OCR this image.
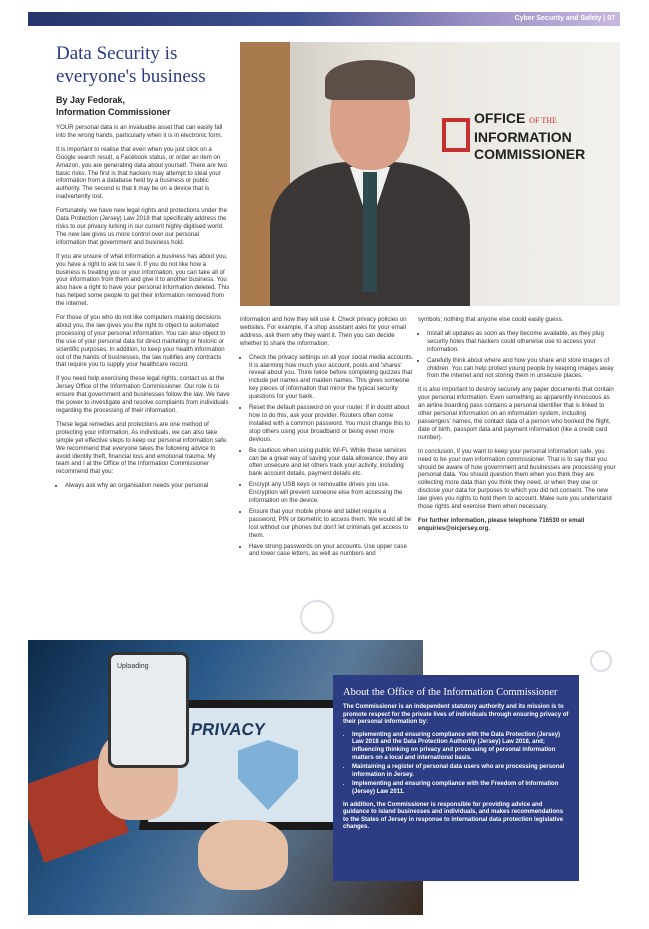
Cyber Security and Safety | 07
Data Security is everyone's business
By Jay Fedorak,
Information Commissioner

YOUR personal data is an invaluable asset that can easily fall into the wrong hands, particularly when it is in electronic form.

It is important to realise that even when you just click on a Google search result, a Facebook status, or order an item on Amazon, you are generating data about yourself. There are two basic risks. The first is that hackers may attempt to steal your information from a database held by a business or public authority. The second is that it may be on a device that is inadvertently lost.

Fortunately, we have new legal rights and protections under the Data Protection (Jersey) Law 2018 that specifically address the risks to our privacy lurking in our current highly digitised world. The new law gives us more control over our personal information that government and business hold.

If you are unsure of what information a business has about you, you have a right to ask to see it. If you do not like how a business is treating you or your information, you can take all of your information from them and give it to another business. You also have a right to have your personal information deleted. This has helped some people to get their information removed from the internet.

For those of you who do not like computers making decisions about you, the law gives you the right to object to automated processing of your personal information. You can also object to the use of your personal data for direct marketing or historic or scientific purposes. In addition, to keep your health information out of the hands of businesses, the law nullifies any contracts that require you to supply your healthcare record.

If you need help exercising these legal rights, contact us at the Jersey Office of the Information Commissioner. Our role is to ensure that government and businesses follow the law. We have the power to investigate and resolve complaints from individuals regarding the processing of their information.

These legal remedies and protections are one method of protecting your information. As individuals, we can also take simple yet effective steps to keep our personal information safe. We recommend that everyone takes the following advice to avoid identity theft, financial loss and emotional trauma. My team and I at the Office of the Information Commissioner recommend that you:

• Always ask why an organisation needs your personal
OFFICE OF THE
INFORMATION
COMMISSIONER

information and how they will use it. Check privacy policies on websites. For example, if a shop assistant asks for your email address, ask them why they want it. Then you can decide whether to share the information.

• Check the privacy settings on all your social media accounts. It is alarming how much your account, posts and 'shares' reveal about you. Think twice before completing quizzes that include pet names and maiden names. This gives someone key pieces of information that mirror the typical security questions for your bank.
• Reset the default password on your router. If in doubt about how to do this, ask your provider. Routers often come installed with a common password. You must change this to stop others using your broadband or being even more devious.
• Be cautious when using public Wi-Fi. While these services can be a great way of saving your data allowance, they are often unsecure and let others track your activity, including bank account details, payment details etc.
• Encrypt any USB keys or removable drives you use. Encryption will prevent someone else from accessing the information on the device.
• Ensure that your mobile phone and tablet require a password, PIN or biometric to access them. We would all be lost without our phones but don't let criminals get access to them.
• Have strong passwords on your accounts. Use upper case and lower case letters, as well as numbers and

symbols; nothing that anyone else could easily guess.

• Install all updates as soon as they become available, as they plug security holes that hackers could otherwise use to access your information.
• Carefully think about where and how you share and store images of children. You can help protect young people by keeping images away from the internet and not storing them in unsecure places.

It is also important to destroy securely any paper documents that contain your personal information. Even something as apparently innocuous as an airline boarding pass contains a personal identifier that is linked to other personal information on an information system, including passengers' names, the contact data of a person who booked the flight, date of birth, passport data and payment information (like a credit card number).

In conclusion, if you want to keep your personal information safe, you need to be your own information commissioner. That is to say that you should be aware of how government and businesses are processing your personal data. You should question them when you think they are collecting more data than you think they need, or when they use or disclose your data for purposes to which you did not consent. The new law gives you rights to hold them to account. Make sure you understand those rights and exercise them when necessary.

For further information, please telephone 716530 or email enquiries@oicjersey.org.

PRIVACY
Uploading
About the Office of the Information Commissioner

The Commissioner is an independent statutory authority and its mission is to promote respect for the private lives of individuals through ensuring privacy of their personal information by:

• Implementing and ensuring compliance with the Data Protection (Jersey) Law 2018 and the Data Protection Authority (Jersey) Law 2018, and; influencing thinking on privacy and processing of personal information matters on a local and international basis.
• Maintaining a register of personal data users who are processing personal information in Jersey.
• Implementing and ensuring compliance with the Freedom of Information (Jersey) Law 2011.

In addition, the Commissioner is responsible for providing advice and guidance to island businesses and individuals, and makes recommendations to the States of Jersey in response to international data protection legislative changes.
